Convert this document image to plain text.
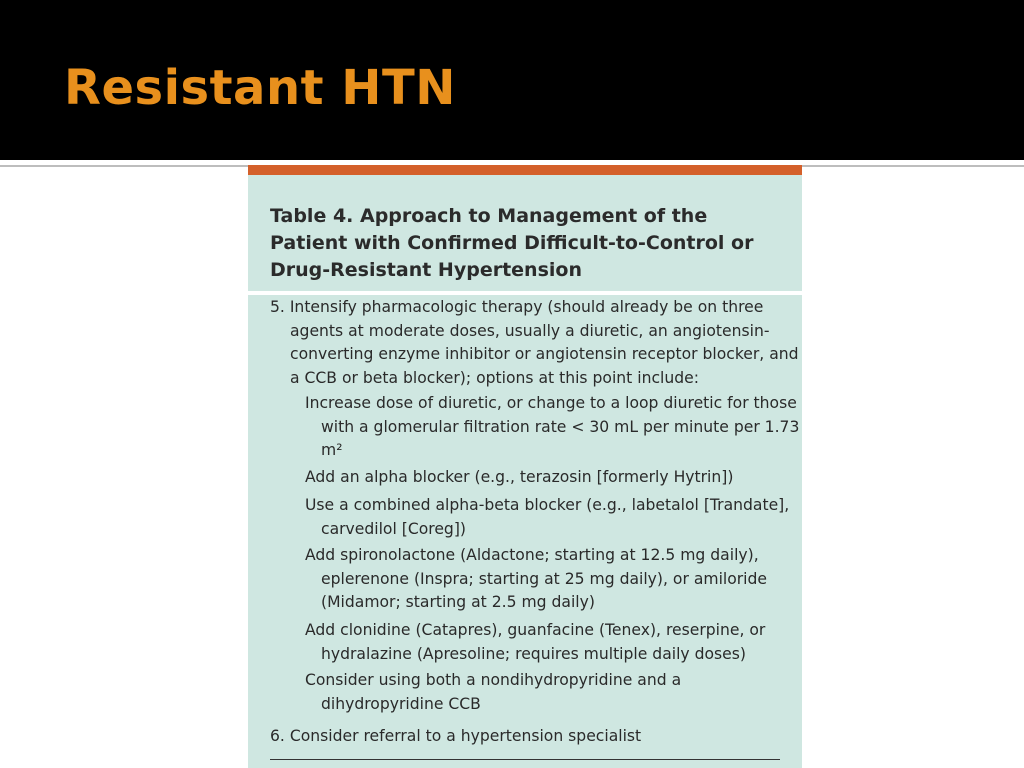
Resistant HTN

Table 4. Approach to Management of the Patient with Confirmed Difficult-to-Control or Drug-Resistant Hypertension

5. Intensify pharmacologic therapy (should already be on three agents at moderate doses, usually a diuretic, an angiotensin-converting enzyme inhibitor or angiotensin receptor blocker, and a CCB or beta blocker); options at this point include:

Increase dose of diuretic, or change to a loop diuretic for those with a glomerular filtration rate < 30 mL per minute per 1.73 m²

Add an alpha blocker (e.g., terazosin [formerly Hytrin])

Use a combined alpha-beta blocker (e.g., labetalol [Trandate], carvedilol [Coreg])

Add spironolactone (Aldactone; starting at 12.5 mg daily), eplerenone (Inspra; starting at 25 mg daily), or amiloride (Midamor; starting at 2.5 mg daily)

Add clonidine (Catapres), guanfacine (Tenex), reserpine, or hydralazine (Apresoline; requires multiple daily doses)

Consider using both a nondihydropyridine and a dihydropyridine CCB

6. Consider referral to a hypertension specialist
